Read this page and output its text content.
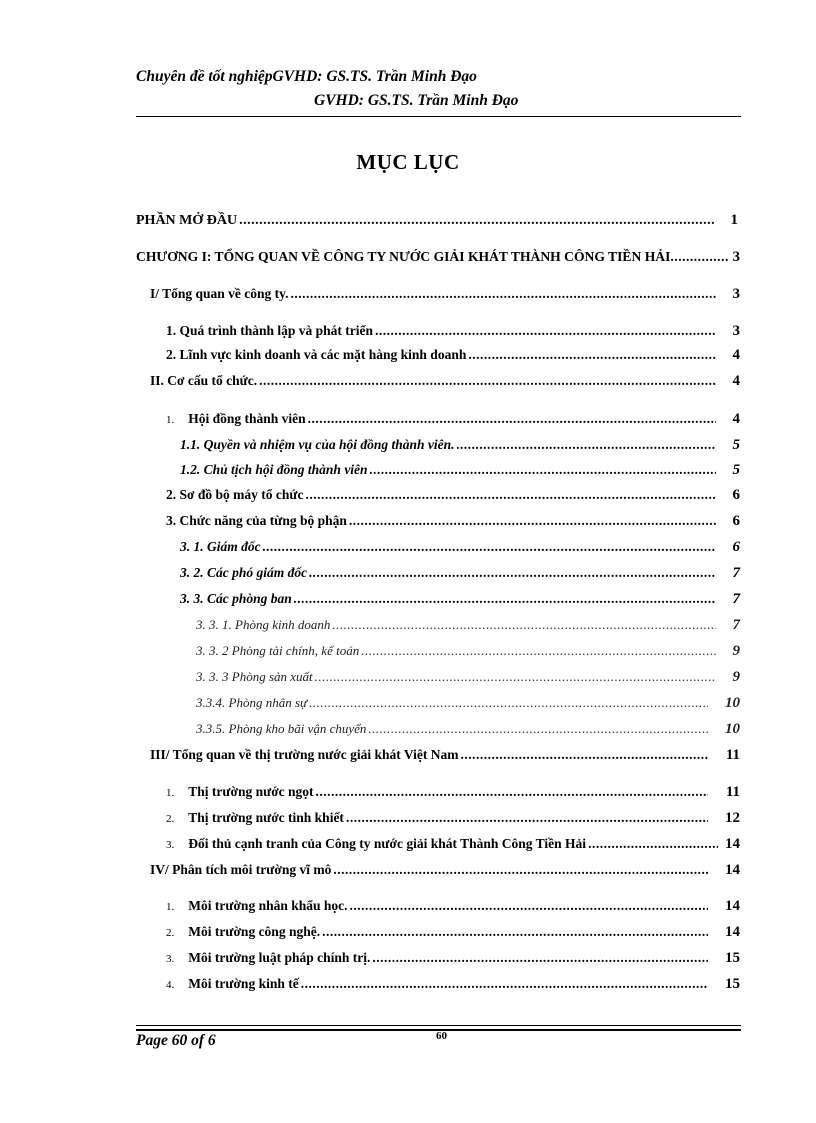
Chuyên đề tốt nghiệpGVHD: GS.TS. Trần Minh Đạo
GVHD: GS.TS. Trần Minh Đạo
MỤC LỤC
PHẦN MỞ ĐẦU .....	1
CHƯƠNG I: TỔNG QUAN VỀ CÔNG TY NƯỚC GIẢI KHÁT THÀNH CÔNG TIỀN HẢI .....	3
I/ Tổng quan về công ty. .....	3
1. Quá trình thành lập và phát triển .....	3
2. Lĩnh vực kinh doanh và các mặt hàng kinh doanh .....	4
II. Cơ cấu tổ chức. .....	4
1. Hội đồng thành viên .....	4
1.1. Quyền và nhiệm vụ của hội đồng thành viên. .....	5
1.2. Chủ tịch hội đồng thành viên .....	5
2. Sơ đồ bộ máy tổ chức .....	6
3. Chức năng của từng bộ phận .....	6
3. 1. Giám đốc .....	6
3. 2. Các phó giám đốc .....	7
3. 3. Các phòng ban .....	7
3. 3. 1. Phòng kinh doanh .....	7
3. 3. 2 Phòng tài chính, kế toán .....	9
3. 3. 3 Phòng sản xuất .....	9
3.3.4. Phòng nhân sự .....	10
3.3.5. Phòng kho bãi vận chuyển .....	10
III/ Tổng quan về thị trường nước giải khát Việt Nam .....	11
1. Thị trường nước ngọt .....	11
2. Thị trường nước tinh khiết .....	12
3. Đối thủ cạnh tranh của Công ty nước giải khát Thành Công Tiền Hải .....	14
IV/ Phân tích môi trường vĩ mô .....	14
1. Môi trường nhân khẩu học. .....	14
2. Môi trường công nghệ. .....	14
3. Môi trường luật pháp chính trị. .....	15
4. Môi trường kinh tế .....	15
Page 60 of 6	60
